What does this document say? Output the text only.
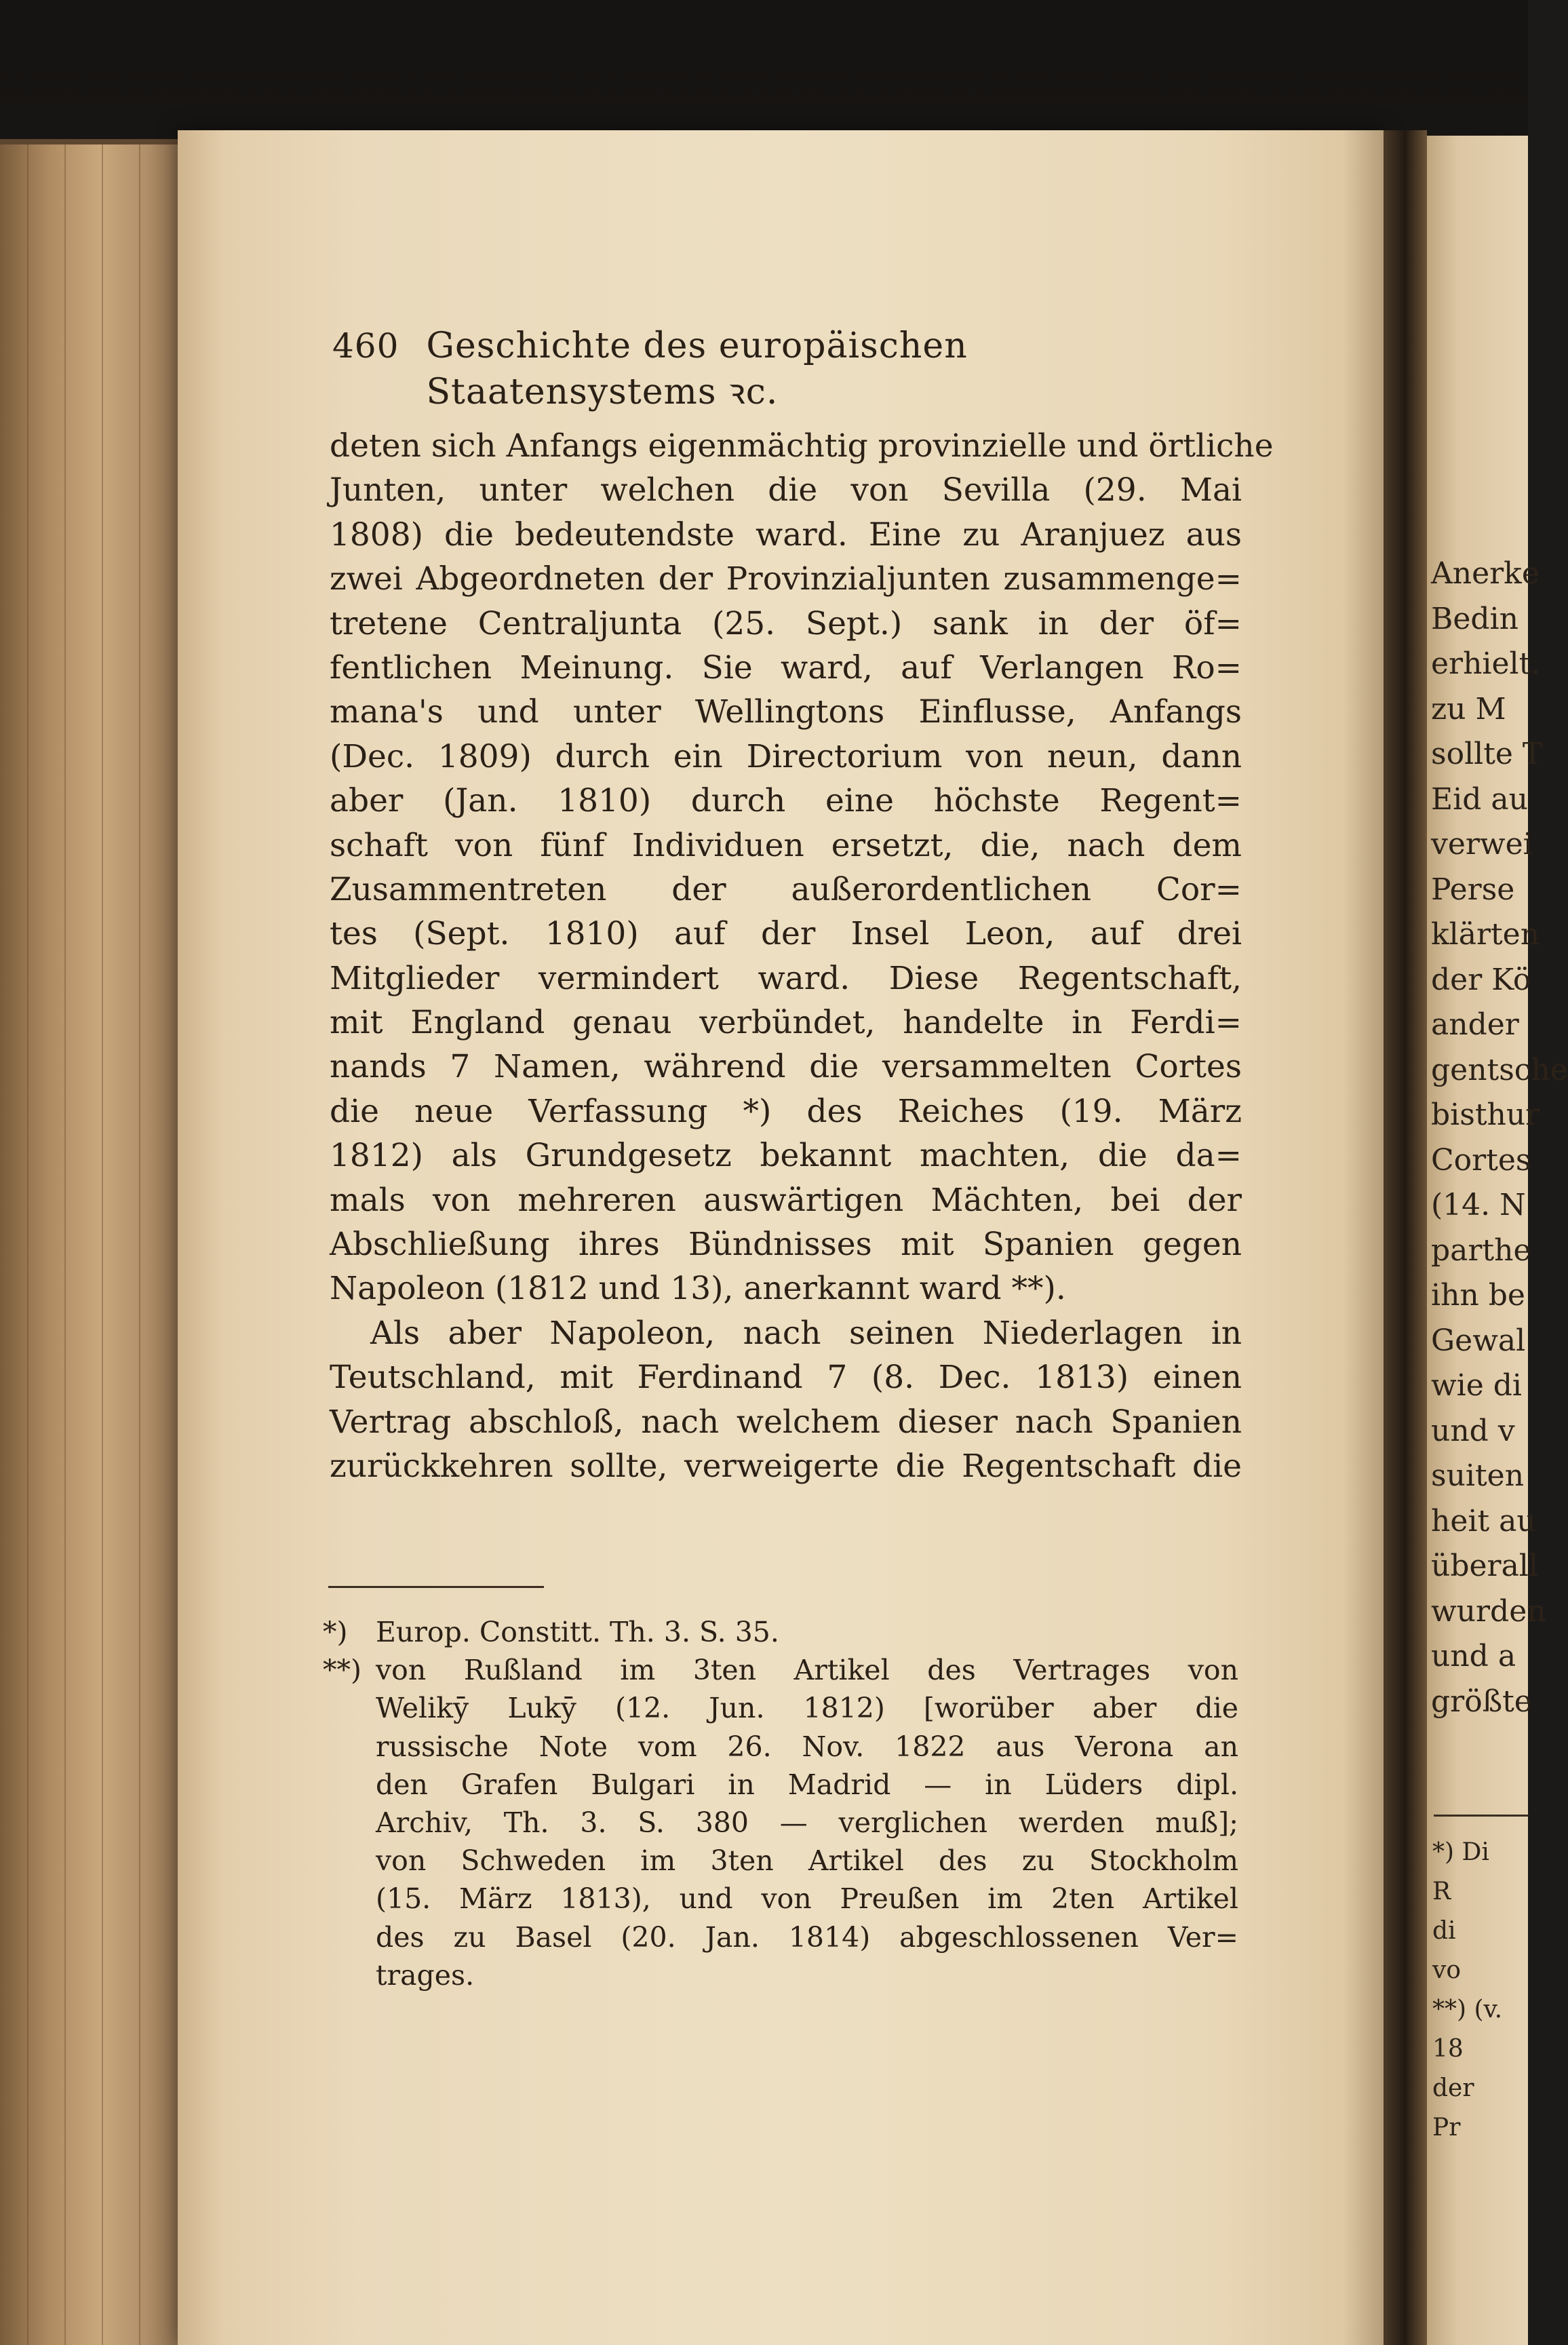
Anerke
Bedin
erhielt.
zu M
sollte T
Eid au
verwei
Perse
klärten
der Kö
ander
gentsche
bisthur
Cortes
(14. N
parthe
ihn be
Gewal
wie di
und v
suiten
heit au
überall
wurden
und a
größte
*) Di
R
di
vo
**) (v.
18
der
Pr
460 Geschichte des europäischen Staatensystems ꝛc.
deten sich Anfangs eigenmächtig provinzielle und örtliche
Junten, unter welchen die von Sevilla (29. Mai
1808) die bedeutendste ward. Eine zu Aranjuez aus
zwei Abgeordneten der Provinzialjunten zusammenge=
tretene Centraljunta (25. Sept.) sank in der öf=
fentlichen Meinung. Sie ward, auf Verlangen Ro=
mana's und unter Wellingtons Einflusse, Anfangs
(Dec. 1809) durch ein Directorium von neun, dann
aber (Jan. 1810) durch eine höchste Regent=
schaft von fünf Individuen ersetzt, die, nach dem
Zusammentreten der außerordentlichen Cor=
tes (Sept. 1810) auf der Insel Leon, auf drei
Mitglieder vermindert ward. Diese Regentschaft,
mit England genau verbündet, handelte in Ferdi=
nands 7 Namen, während die versammelten Cortes
die neue Verfassung *) des Reiches (19. März
1812) als Grundgesetz bekannt machten, die da=
mals von mehreren auswärtigen Mächten, bei der
Abschließung ihres Bündnisses mit Spanien gegen
Napoleon (1812 und 13), anerkannt ward **).
Als aber Napoleon, nach seinen Niederlagen in
Teutschland, mit Ferdinand 7 (8. Dec. 1813) einen
Vertrag abschloß, nach welchem dieser nach Spanien
zurückkehren sollte, verweigerte die Regentschaft die
*) Europ. Constitt. Th. 3. S. 35.
**) von Rußland im 3ten Artikel des Vertrages von
Welikȳ Lukȳ (12. Jun. 1812) [worüber aber die
russische Note vom 26. Nov. 1822 aus Verona an
den Grafen Bulgari in Madrid — in Lüders dipl.
Archiv, Th. 3. S. 380 — verglichen werden muß];
von Schweden im 3ten Artikel des zu Stockholm
(15. März 1813), und von Preußen im 2ten Artikel
des zu Basel (20. Jan. 1814) abgeschlossenen Ver=
trages.
